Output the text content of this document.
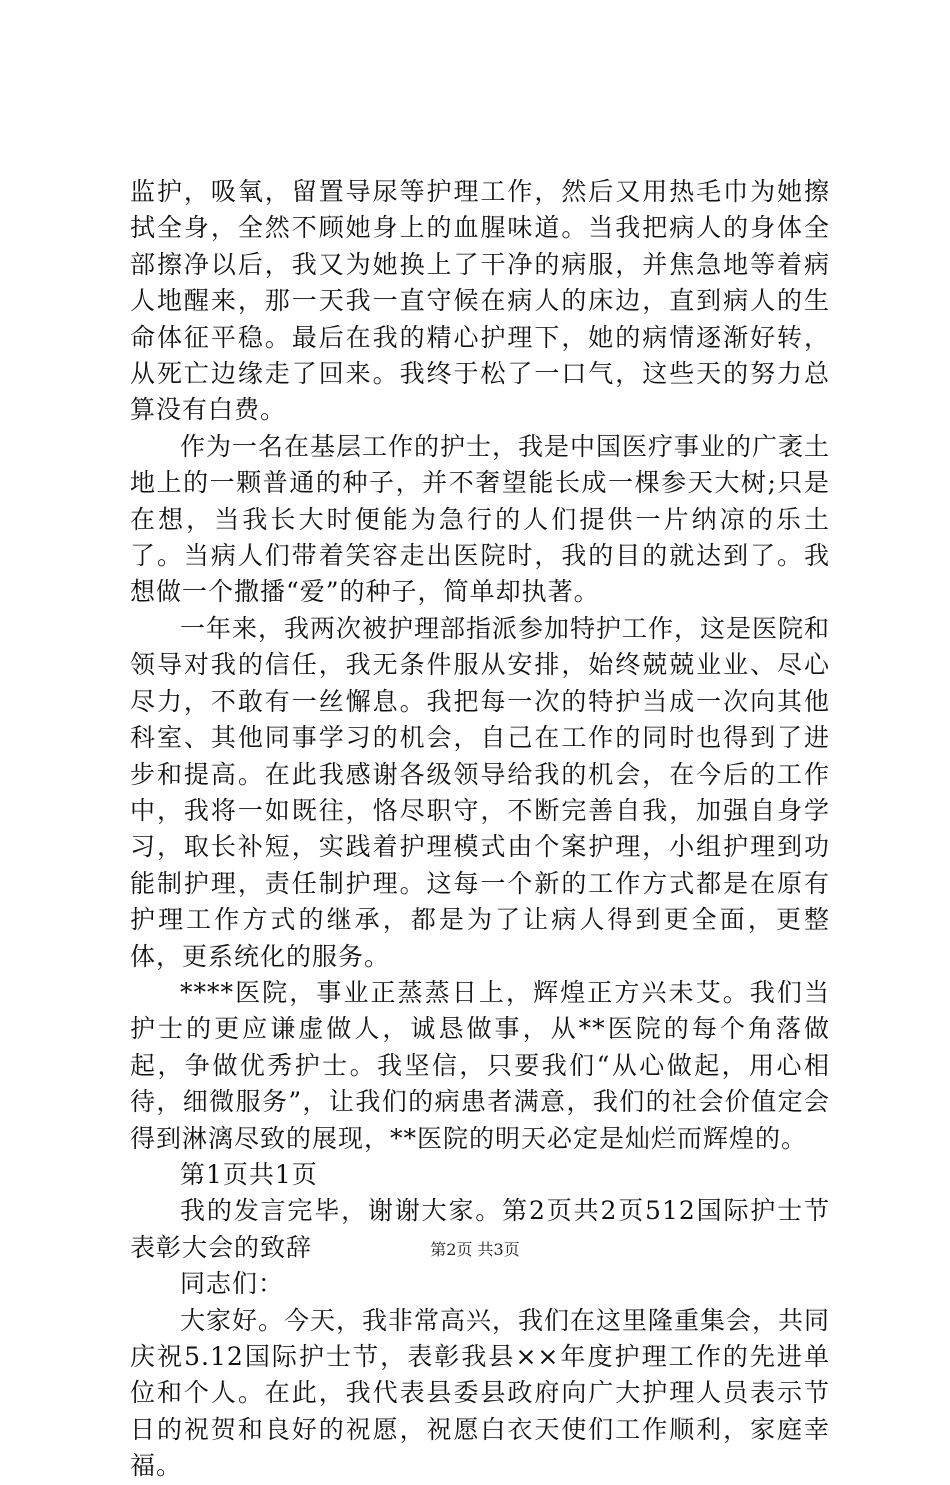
监护，吸氧，留置导尿等护理工作，然后又用热毛巾为她擦拭全身，全然不顾她身上的血腥味道。当我把病人的身体全部擦净以后，我又为她换上了干净的病服，并焦急地等着病人地醒来，那一天我一直守候在病人的床边，直到病人的生命体征平稳。最后在我的精心护理下，她的病情逐渐好转，从死亡边缘走了回来。我终于松了一口气，这些天的努力总算没有白费。

作为一名在基层工作的护士，我是中国医疗事业的广袤土地上的一颗普通的种子，并不奢望能长成一棵参天大树;只是在想，当我长大时便能为急行的人们提供一片纳凉的乐土了。当病人们带着笑容走出医院时，我的目的就达到了。我想做一个撒播“爱”的种子，简单却执著。

一年来，我两次被护理部指派参加特护工作，这是医院和领导对我的信任，我无条件服从安排，始终兢兢业业、尽心尽力，不敢有一丝懈息。我把每一次的特护当成一次向其他科室、其他同事学习的机会，自己在工作的同时也得到了进步和提高。在此我感谢各级领导给我的机会，在今后的工作中，我将一如既往，恪尽职守，不断完善自我，加强自身学习，取长补短，实践着护理模式由个案护理，小组护理到功能制护理，责任制护理。这每一个新的工作方式都是在原有护理工作方式的继承，都是为了让病人得到更全面，更整体，更系统化的服务。

****医院，事业正蒸蒸日上，辉煌正方兴未艾。我们当护士的更应谦虚做人，诚恳做事，从**医院的每个角落做起，争做优秀护士。我坚信，只要我们“从心做起，用心相待，细微服务”，让我们的病患者满意，我们的社会价值定会得到淋漓尽致的展现，**医院的明天必定是灿烂而辉煌的。

第1页共1页

我的发言完毕，谢谢大家。第2页共2页512国际护士节表彰大会的致辞

同志们：

大家好。今天，我非常高兴，我们在这里隆重集会，共同庆祝5.12国际护士节，表彰我县××年度护理工作的先进单位和个人。在此，我代表县委县政府向广大护理人员表示节日的祝贺和良好的祝愿，祝愿白衣天使们工作顺利，家庭幸福。

第2页 共3页
